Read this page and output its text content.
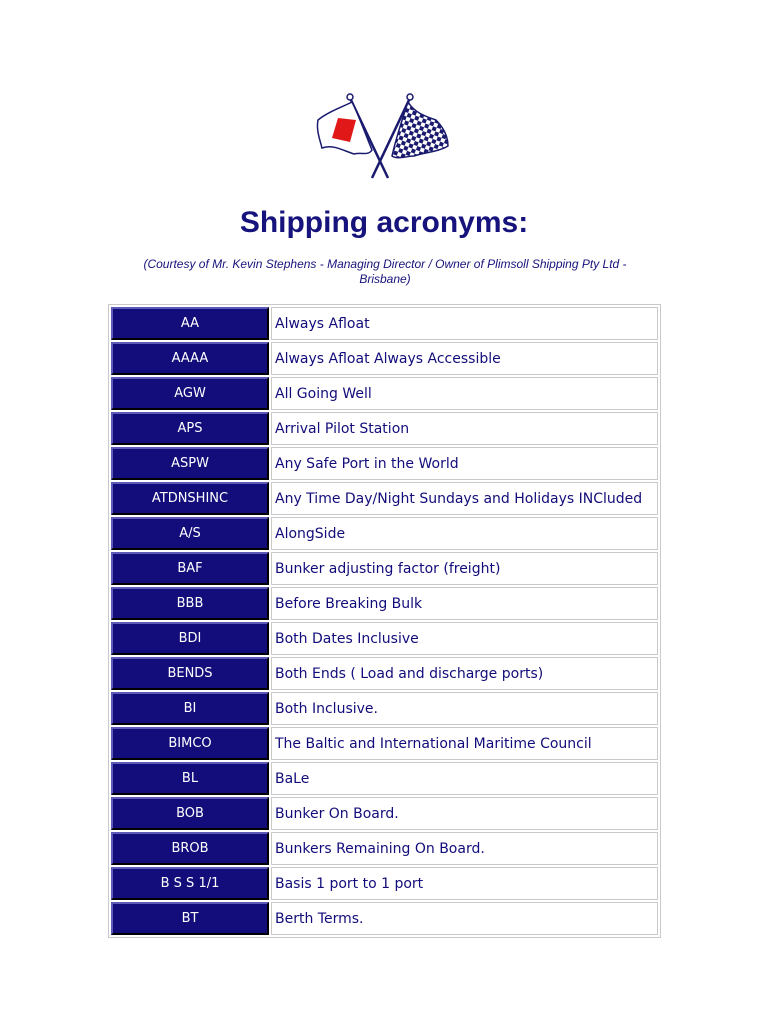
Shipping acronyms:
(Courtesy of Mr. Kevin Stephens - Managing Director / Owner of Plimsoll Shipping Pty Ltd - Brisbane)
AA	Always Afloat
AAAA	Always Afloat Always Accessible
AGW	All Going Well
APS	Arrival Pilot Station
ASPW	Any Safe Port in the World
ATDNSHINC	Any Time Day/Night Sundays and Holidays INCluded
A/S	AlongSide
BAF	Bunker adjusting factor (freight)
BBB	Before Breaking Bulk
BDI	Both Dates Inclusive
BENDS	Both Ends ( Load and discharge ports)
BI	Both Inclusive.
BIMCO	The Baltic and International Maritime Council
BL	BaLe
BOB	Bunker On Board.
BROB	Bunkers Remaining On Board.
B S S 1/1	Basis 1 port to 1 port
BT	Berth Terms.
